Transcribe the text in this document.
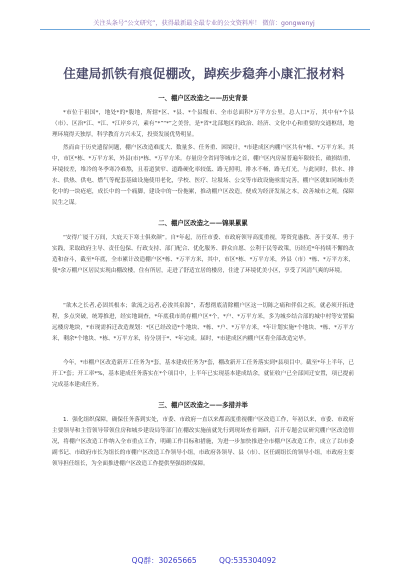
关注头条号“公文研究”，获得最新最全最专业的公文资料库！ 微信：gongwenyj
住建局抓铁有痕促棚改，踔疾步稳奔小康汇报材料
一、棚户区改造之——历史背景
*市位于祖国*，地处*的*腹地，所辖*区、*县、*个县级市、全市总面积*万平方公里，总人口*万，其中有*个县（市）、区治*江、*江、*江岸乡兴，素有“*”“*”之美誉，是*省*北部地区的政治、经济、文化中心和重要的交通枢纽，地理环境得天独厚，科学教育方兴未艾，投资发展优势明显。
然而由于历史遗留问题，棚户区改造难度大、数量多、任务重、困境计，*市建成区内棚户区共有*栋、*万平方米。其中，市区*栋、*万平方米，外县(市)*栋、*万平方米。存量房全省同等城市之首，棚户区内房屋普遍年限较长，破损结重，环境较差，堆冷的冬季寒冷难熬，且着道狭窄、道路硬化率较低、路无照明，排水不畅，路无灯光，与此同时，供水、排水、供热、供电、燃气等配套基础设施使用老化，学校、医疗、垃圾场、公交等市政设施亟需完善，棚户区就如同城市美化中的一块疮疤，成长中的一个痛脚，建设中的一份拖累，推动棚户区改造，便成为经济发展之本，改善城市之观，保障民生之谋。
二、棚户区改造之——锦果累累
“安得广厦千万间，大庇天下寒士俱欢颜”。自*年起，历任市委、市政府领导高度重视，筹资党惠救、善于变革、勇于实践，采取政府主导、责任包保、行政支持、部门配合、优化服务、群众自愿、公利于民等政策，历经近*年持续不懈的改造和奋斗，截至*年底，全市累计改造棚户区*栋、*万平方米，其中，市区*栋、*万平方米，外县（市）*栋、*万平方米，使*余万棚户区居民实现由棚改楼，住有所居，走进了舒适宜居的楼房，住进了环境优美小区，享受了风清气爽的环境。
“欲木之长者,必固其根本；欲流之远者,必浚其泉源”，若想彻底清除棚户区这一切陈之痛和伴侣之疾，就必须开拓进程，多点突破，统筹推进，经实地调查，*年底我市尚存棚户区*个，*户、*万平方米，多为城乡结合部的城中村等安置偏远楼房地块，*市现需拆迁改造规划：*区已经改造*个地块、*栋、*户、*万平方米，*年计划实施*个地块、*栋、*万平方米，剩余*个地块、*栋、*万平方米，待分别于*、*年完成。届时，*市建成区内棚户区将全部改造完毕。
今年，*市棚户区改造新开工任务为*套，基本建成任务为*套，棚改新开工任务落实到*县项目中。截至*年上半年，已开工*套；开工率*%，基本建成任务落实在*个项目中，上半年已实现基本建成结余，就征收户已全部回迁安置，项已提前完成基本建成任务。
三、棚户区改造之——多措并举
1．强化组织保障，确保任务落到实处，市委、市政府一直以来都高度重视棚户区改造工作，年初以来，市委、市政府主要领导和主管领导带领住房和城乡建设局等部门在棚改实施前就先行到现场查看调研，召开专题会议研究棚户区改造情况，将棚户区改造工作纳入全市重点工作，明确工作目标和措施，为进一步加快推进全市棚户区改造工作，成立了以市委副书记、市政府市长为组长的市棚户区改造工作领导小组，市政府各领导、县（市）、区任副组长的领导小组，市政府主要领导担任组长，为全面推进棚户区改造工作提供坚强组织保障。
QQ群：30265665	QQ:535304092
